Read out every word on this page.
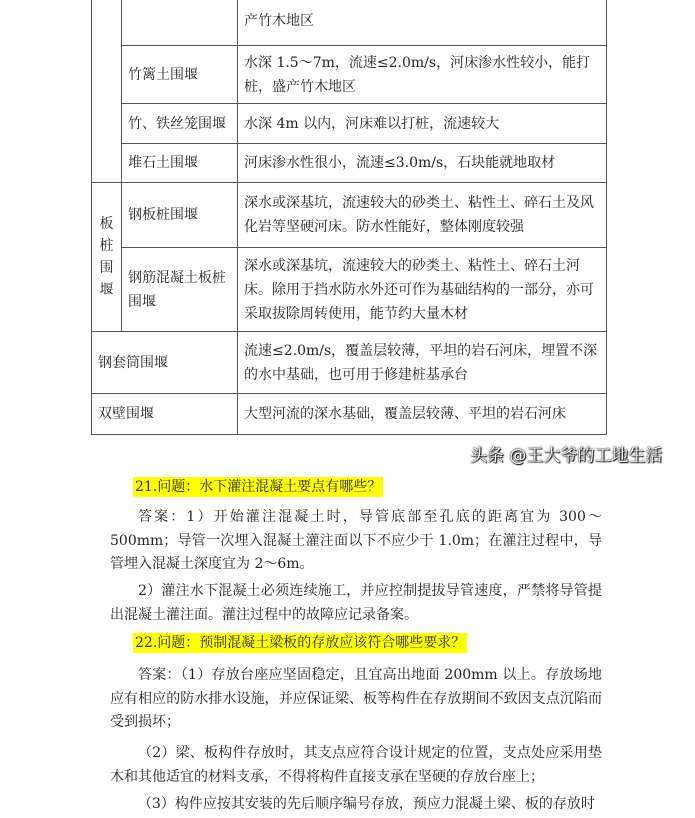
板桩围堰
产竹木地区
竹篱土围堰
水深 1.5～7m，流速≤2.0m/s，河床渗水性较小，能打桩，盛产竹木地区
竹、铁丝笼围堰 水深 4m 以内，河床难以打桩，流速较大
堆石土围堰	河床渗水性很小，流速≤3.0m/s，石块能就地取材
钢板桩围堰
深水或深基坑，流速较大的砂类土、粘性土、碎石土及风化岩等坚硬河床。防水性能好，整体刚度较强
钢筋混凝土板桩围堰
深水或深基坑，流速较大的砂类土、粘性土、碎石土河床。除用于挡水防水外还可作为基础结构的一部分，亦可采取拔除周转使用，能节约大量木材
钢套筒围堰
流速≤2.0m/s，覆盖层较薄，平坦的岩石河床，埋置不深的水中基础，也可用于修建桩基承台
双壁围堰	大型河流的深水基础，覆盖层较薄、平坦的岩石河床
21.问题：水下灌注混凝土要点有哪些？
答案：1）开始灌注混凝土时，导管底部至孔底的距离宜为 300～500mm；导管一次埋入混凝土灌注面以下不应少于 1.0m；在灌注过程中，导管埋入混凝土深度宜为 2～6m。
2）灌注水下混凝土必须连续施工，并应控制提拔导管速度，严禁将导管提出混凝土灌注面。灌注过程中的故障应记录备案。
22.问题：预制混凝土梁板的存放应该符合哪些要求？
答案：（1）存放台座应坚固稳定，且宜高出地面 200mm 以上。存放场地应有相应的防水排水设施，并应保证梁、板等构件在存放期间不致因支点沉陷而受到损坏；
（2）梁、板构件存放时，其支点应符合设计规定的位置，支点处应采用垫木和其他适宜的材料支承，不得将构件直接支承在坚硬的存放台座上；
（3）构件应按其安装的先后顺序编号存放，预应力混凝土梁、板的存放时
头条 @王大爷的工地生活
